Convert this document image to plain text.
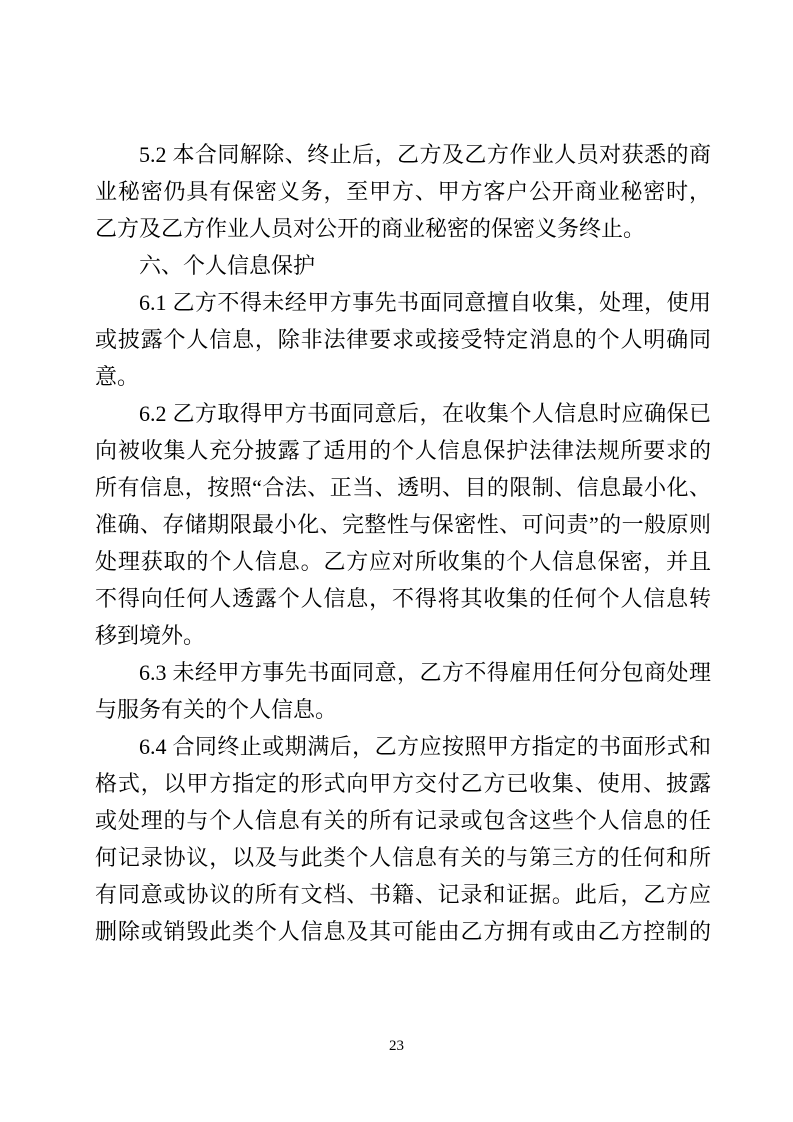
5.2 本合同解除、终止后，乙方及乙方作业人员对获悉的商
业秘密仍具有保密义务，至甲方、甲方客户公开商业秘密时，
乙方及乙方作业人员对公开的商业秘密的保密义务终止。
六、个人信息保护
6.1 乙方不得未经甲方事先书面同意擅自收集，处理，使用
或披露个人信息，除非法律要求或接受特定消息的个人明确同
意。
6.2 乙方取得甲方书面同意后，在收集个人信息时应确保已
向被收集人充分披露了适用的个人信息保护法律法规所要求的
所有信息，按照“合法、正当、透明、目的限制、信息最小化、
准确、存储期限最小化、完整性与保密性、可问责”的一般原则
处理获取的个人信息。乙方应对所收集的个人信息保密，并且
不得向任何人透露个人信息，不得将其收集的任何个人信息转
移到境外。
6.3 未经甲方事先书面同意，乙方不得雇用任何分包商处理
与服务有关的个人信息。
6.4 合同终止或期满后，乙方应按照甲方指定的书面形式和
格式，以甲方指定的形式向甲方交付乙方已收集、使用、披露
或处理的与个人信息有关的所有记录或包含这些个人信息的任
何记录协议，以及与此类个人信息有关的与第三方的任何和所
有同意或协议的所有文档、书籍、记录和证据。此后，乙方应
删除或销毁此类个人信息及其可能由乙方拥有或由乙方控制的
23
